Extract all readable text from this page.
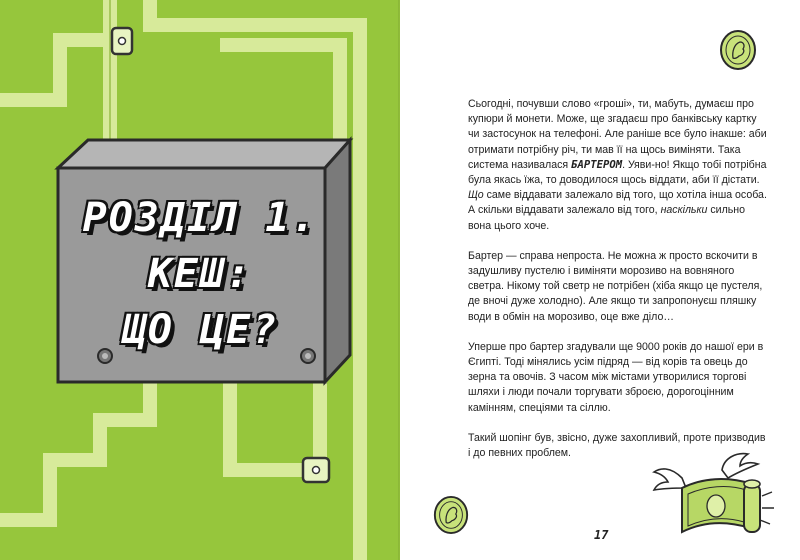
РОЗДІЛ 1.
КЕШ:
ЩО ЦЕ?

Сьогодні, почувши слово «гроші», ти, мабуть, думаєш про купюри й монети. Може, ще згадаєш про банківську картку чи застосунок на телефоні. Але раніше все було інакше: аби отримати потрібну річ, ти мав її на щось виміняти. Така система називалася БАРТЕРОМ. Уяви-но! Якщо тобі потрібна була якась їжа, то доводилося щось віддати, аби її дістати. Що саме віддавати залежало від того, що хотіла інша особа. А скільки віддавати залежало від того, наскільки сильно вона цього хоче.

Бартер — справа непроста. Не можна ж просто вскочити в задушливу пустелю і виміняти морозиво на вовняного светра. Нікому той светр не потрібен (хіба якщо це пустеля, де вночі дуже холодно). Але якщо ти запропонуєш пляшку води в обмін на морозиво, оце вже діло…

Уперше про бартер згадували ще 9000 років до нашої ери в Єгипті. Тоді мінялись усім підряд — від корів та овець до зерна та овочів. З часом між містами утворилися торгові шляхи і люди почали торгувати зброєю, дорогоцінним камінням, спеціями та сіллю.

Такий шопінг був, звісно, дуже захопливий, проте призводив і до певних проблем.

17
